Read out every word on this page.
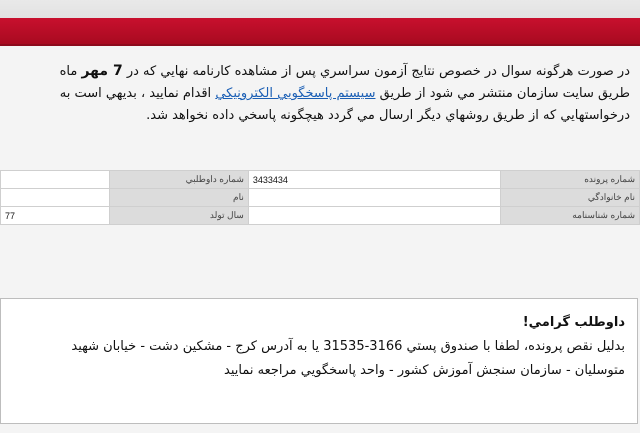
در صورت هرگونه سوال در خصوص نتايج آزمون سراسري پس از مشاهده كارنامه نهايي كه در 7 مهر ماه
طريق سايت سازمان منتشر مي شود از طريق سيستم پاسخگويي الكترونيكي اقدام نماييد ، بديهي است به
درخواستهايي كه از طريق روشهاي ديگر ارسال مي گردد هيچگونه پاسخي داده نخواهد شد.
شماره پرونده	3433434	شماره داوطلبي	
نام خانوادگي		نام	
شماره شناسنامه		سال تولد	77

داوطلب گرامي!

بدليل نقص پرونده، لطفا با صندوق پستي 3166-31535 يا به آدرس كرج - مشكين دشت - خيابان شهيد

متوسليان - سازمان سنجش آموزش كشور - واحد پاسخگويي مراجعه نماييد
